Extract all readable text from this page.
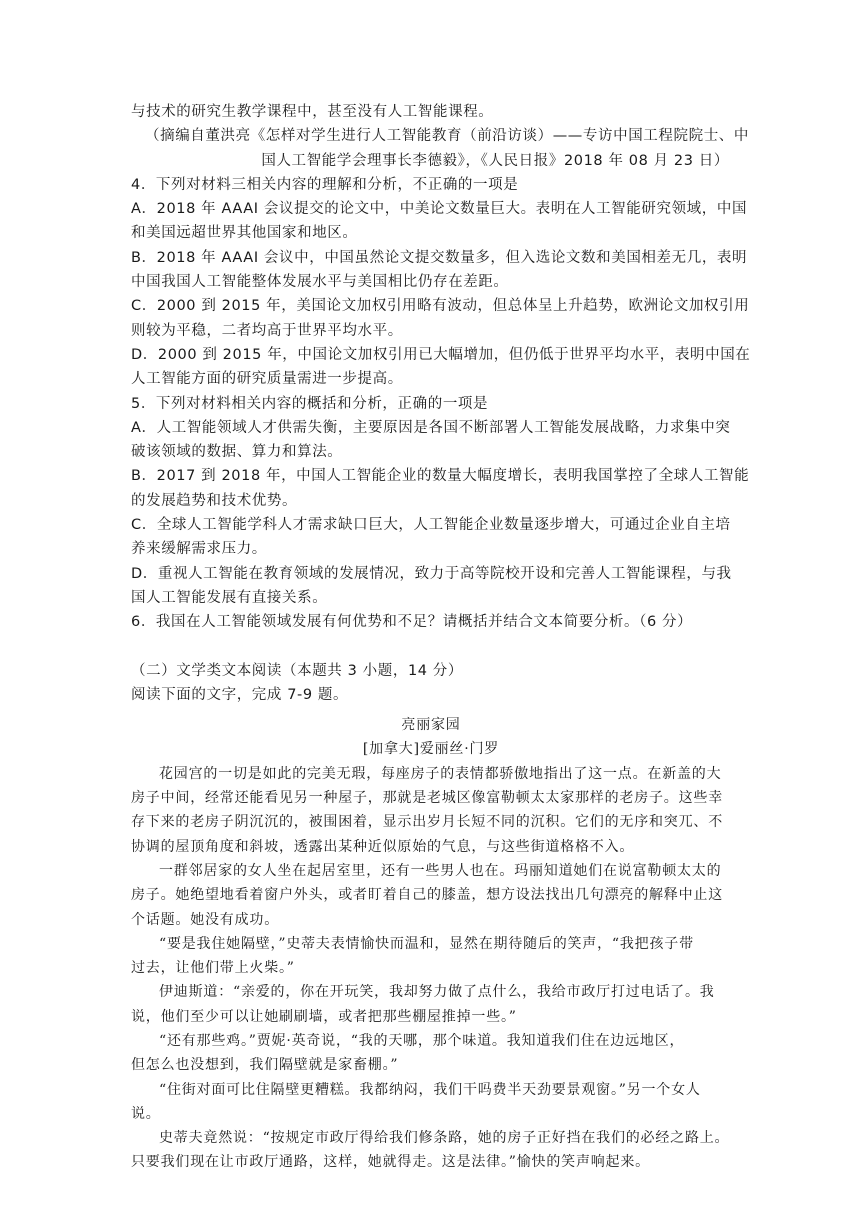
与技术的研究生教学课程中，甚至没有人工智能课程。
（摘编自董洪亮《怎样对学生进行人工智能教育（前沿访谈）——专访中国工程院院士、中
国人工智能学会理事长李德毅》，《人民日报》2018 年 08 月 23 日）
4．下列对材料三相关内容的理解和分析，不正确的一项是
A．2018 年 AAAI 会议提交的论文中，中美论文数量巨大。表明在人工智能研究领域，中国
和美国远超世界其他国家和地区。
B．2018 年 AAAI 会议中，中国虽然论文提交数量多，但入选论文数和美国相差无几，表明
中国我国人工智能整体发展水平与美国相比仍存在差距。
C．2000 到 2015 年，美国论文加权引用略有波动，但总体呈上升趋势，欧洲论文加权引用
则较为平稳，二者均高于世界平均水平。
D．2000 到 2015 年，中国论文加权引用已大幅增加，但仍低于世界平均水平，表明中国在
人工智能方面的研究质量需进一步提高。
5．下列对材料相关内容的概括和分析，正确的一项是
A．人工智能领域人才供需失衡，主要原因是各国不断部署人工智能发展战略，力求集中突
破该领域的数据、算力和算法。
B．2017 到 2018 年，中国人工智能企业的数量大幅度增长，表明我国掌控了全球人工智能
的发展趋势和技术优势。
C．全球人工智能学科人才需求缺口巨大，人工智能企业数量逐步增大，可通过企业自主培
养来缓解需求压力。
D．重视人工智能在教育领域的发展情况，致力于高等院校开设和完善人工智能课程，与我
国人工智能发展有直接关系。
6．我国在人工智能领域发展有何优势和不足？请概括并结合文本简要分析。（6 分）
（二）文学类文本阅读（本题共 3 小题，14 分）
阅读下面的文字，完成 7-9 题。
亮丽家园
[加拿大]爱丽丝·门罗
花园宫的一切是如此的完美无瑕，每座房子的表情都骄傲地指出了这一点。在新盖的大
房子中间，经常还能看见另一种屋子，那就是老城区像富勒顿太太家那样的老房子。这些幸
存下来的老房子阴沉沉的，被围困着，显示出岁月长短不同的沉积。它们的无序和突兀、不
协调的屋顶角度和斜坡，透露出某种近似原始的气息，与这些街道格格不入。
一群邻居家的女人坐在起居室里，还有一些男人也在。玛丽知道她们在说富勒顿太太的
房子。她绝望地看着窗户外头，或者盯着自己的膝盖，想方设法找出几句漂亮的解释中止这
个话题。她没有成功。
“要是我住她隔壁，”史蒂夫表情愉快而温和，显然在期待随后的笑声，“我把孩子带
过去，让他们带上火柴。”
伊迪斯道：“亲爱的，你在开玩笑，我却努力做了点什么，我给市政厅打过电话了。我
说，他们至少可以让她刷刷墙，或者把那些棚屋推掉一些。”
“还有那些鸡。”贾妮·英奇说，“我的天哪，那个味道。我知道我们住在边远地区，
但怎么也没想到，我们隔壁就是家畜棚。”
“住街对面可比住隔壁更糟糕。我都纳闷，我们干吗费半天劲要景观窗。”另一个女人
说。
史蒂夫竟然说：“按规定市政厅得给我们修条路，她的房子正好挡在我们的必经之路上。
只要我们现在让市政厅通路，这样，她就得走。这是法律。”愉快的笑声响起来。
